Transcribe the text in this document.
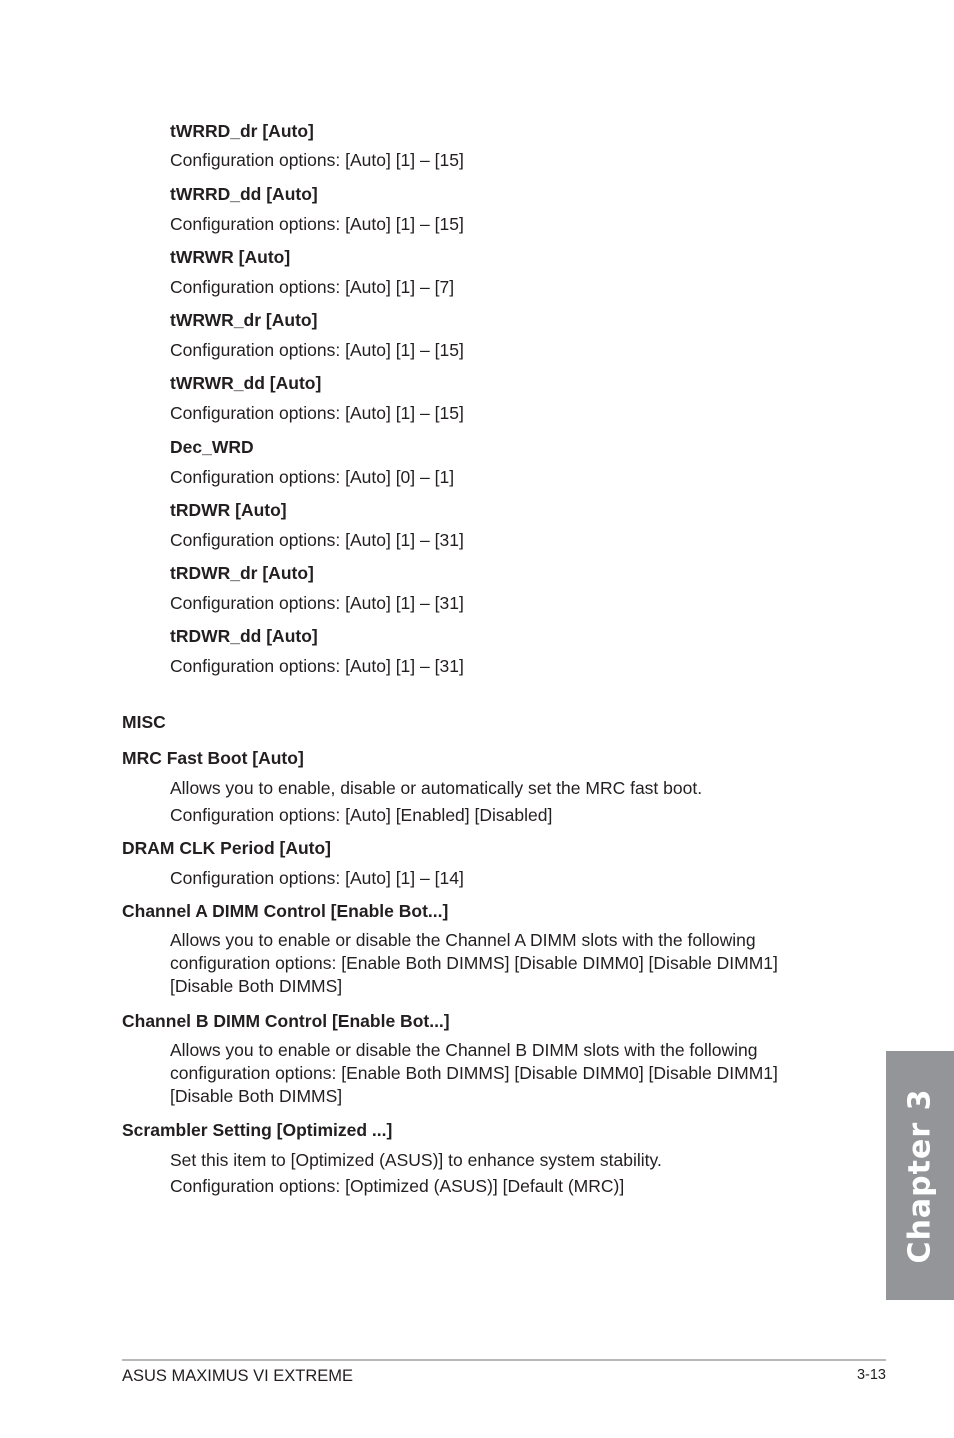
tWRRD_dr [Auto]
Configuration options: [Auto] [1] – [15]
tWRRD_dd [Auto]
Configuration options: [Auto] [1] – [15]
tWRWR [Auto]
Configuration options: [Auto] [1] – [7]
tWRWR_dr [Auto]
Configuration options: [Auto] [1] – [15]
tWRWR_dd [Auto]
Configuration options: [Auto] [1] – [15]
Dec_WRD
Configuration options: [Auto] [0] – [1]
tRDWR [Auto]
Configuration options: [Auto] [1] – [31]
tRDWR_dr [Auto]
Configuration options: [Auto] [1] – [31]
tRDWR_dd [Auto]
Configuration options: [Auto] [1] – [31]
MISC
MRC Fast Boot [Auto]
Allows you to enable, disable or automatically set the MRC fast boot.
Configuration options: [Auto] [Enabled] [Disabled]
DRAM CLK Period [Auto]
Configuration options: [Auto] [1] – [14]
Channel A DIMM Control [Enable Bot...]
Allows you to enable or disable the Channel A DIMM slots with the following configuration options: [Enable Both DIMMS] [Disable DIMM0] [Disable DIMM1] [Disable Both DIMMS]
Channel B DIMM Control [Enable Bot...]
Allows you to enable or disable the Channel B DIMM slots with the following configuration options: [Enable Both DIMMS] [Disable DIMM0] [Disable DIMM1] [Disable Both DIMMS]
Scrambler Setting [Optimized ...]
Set this item to [Optimized (ASUS)] to enhance system stability.
Configuration options: [Optimized (ASUS)] [Default (MRC)]	Chapter 3
ASUS MAXIMUS VI EXTREME	3-13
